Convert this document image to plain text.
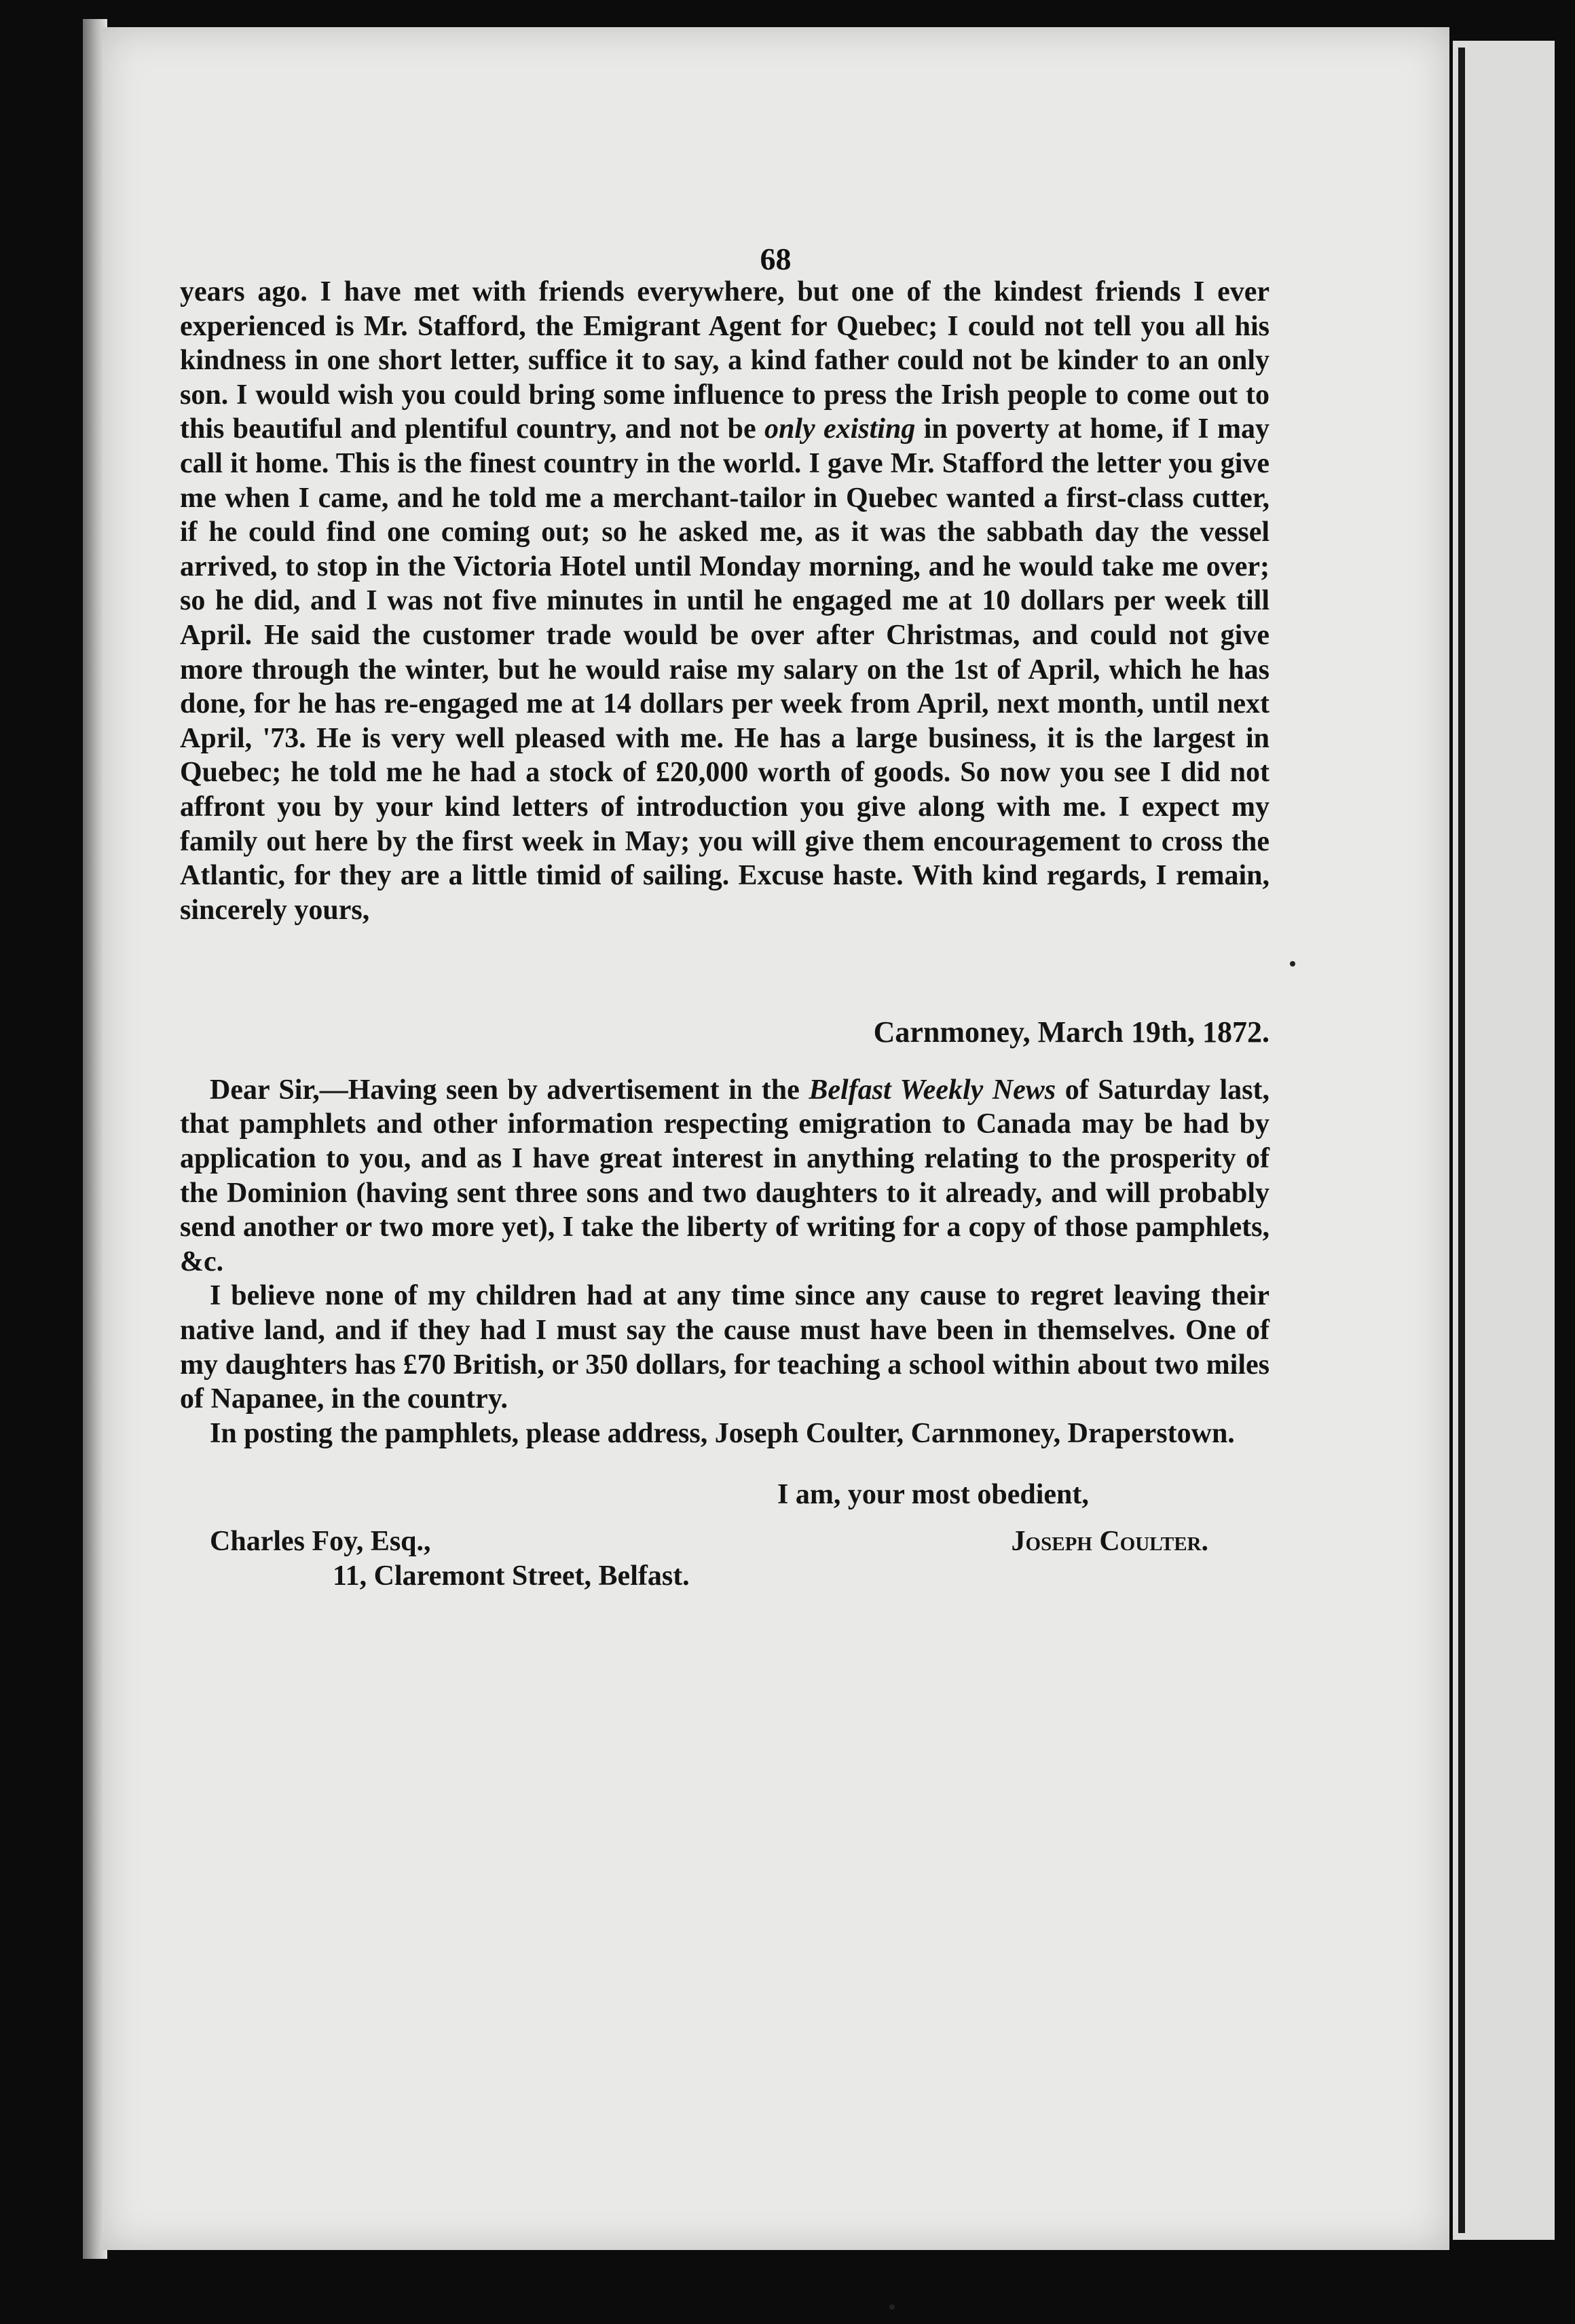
68

years ago. I have met with friends everywhere, but one of the kindest friends I ever experienced is Mr. Stafford, the Emigrant Agent for Quebec; I could not tell you all his kindness in one short letter, suffice it to say, a kind father could not be kinder to an only son. I would wish you could bring some influence to press the Irish people to come out to this beautiful and plentiful country, and not be only existing in poverty at home, if I may call it home. This is the finest country in the world. I gave Mr. Stafford the letter you give me when I came, and he told me a merchant-tailor in Quebec wanted a first-class cutter, if he could find one coming out; so he asked me, as it was the sabbath day the vessel arrived, to stop in the Victoria Hotel until Monday morning, and he would take me over; so he did, and I was not five minutes in until he engaged me at 10 dollars per week till April. He said the customer trade would be over after Christmas, and could not give more through the winter, but he would raise my salary on the 1st of April, which he has done, for he has re-engaged me at 14 dollars per week from April, next month, until next April, '73. He is very well pleased with me. He has a large business, it is the largest in Quebec; he told me he had a stock of £20,000 worth of goods. So now you see I did not affront you by your kind letters of introduction you give along with me. I expect my family out here by the first week in May; you will give them encouragement to cross the Atlantic, for they are a little timid of sailing. Excuse haste. With kind regards, I remain, sincerely yours,

Carnmoney, March 19th, 1872.

Dear Sir,—Having seen by advertisement in the Belfast Weekly News of Saturday last, that pamphlets and other information respecting emigration to Canada may be had by application to you, and as I have great interest in anything relating to the prosperity of the Dominion (having sent three sons and two daughters to it already, and will probably send another or two more yet), I take the liberty of writing for a copy of those pamphlets, &c.

I believe none of my children had at any time since any cause to regret leaving their native land, and if they had I must say the cause must have been in themselves. One of my daughters has £70 British, or 350 dollars, for teaching a school within about two miles of Napanee, in the country.

In posting the pamphlets, please address, Joseph Coulter, Carnmoney, Draperstown.

I am, your most obedient,

Charles Foy, Esq.,	Joseph Coulter.

11, Claremont Street, Belfast.
